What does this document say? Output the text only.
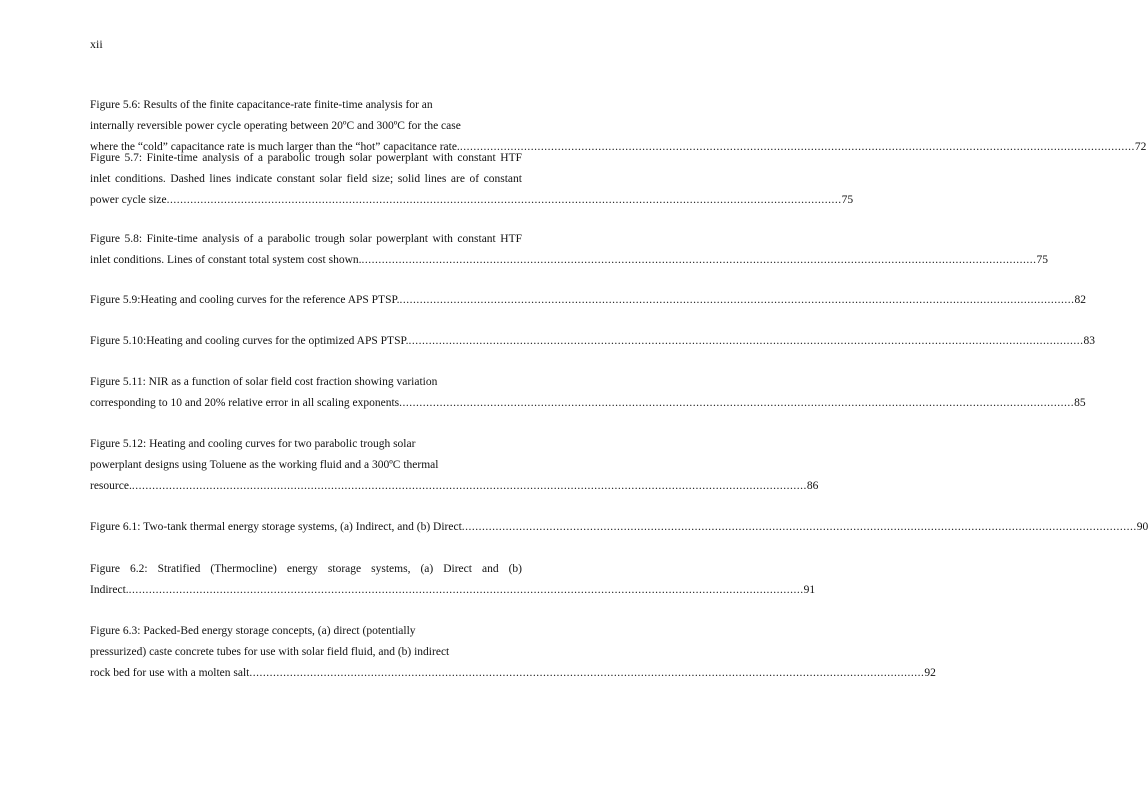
xii
Figure 5.6: Results of the finite capacitance-rate finite-time analysis for an
internally reversible power cycle operating between 20ºC and 300ºC for the case
where the “cold” capacitance rate is much larger than the “hot” capacitance rate. ........................................................................................................................................................................................................ 72
Figure 5.7: Finite-time analysis of a parabolic trough solar powerplant with constant HTF
inlet conditions. Dashed lines indicate constant solar field size; solid lines are of constant
power cycle size ........................................................................................................................................................................................................ 75
Figure 5.8: Finite-time analysis of a parabolic trough solar powerplant with constant HTF
inlet conditions. Lines of constant total system cost shown. ........................................................................................................................................................................................................ 75
Figure 5.9:Heating and cooling curves for the reference APS PTSP. ........................................................................................................................................................................................................ 82
Figure 5.10:Heating and cooling curves for the optimized APS PTSP. ........................................................................................................................................................................................................ 83
Figure 5.11: NIR as a function of solar field cost fraction showing variation
corresponding to 10 and 20% relative error in all scaling exponents ........................................................................................................................................................................................................ 85
Figure 5.12: Heating and cooling curves for two parabolic trough solar
powerplant designs using Toluene as the working fluid and a 300ºC thermal
resource. ........................................................................................................................................................................................................ 86
Figure 6.1: Two-tank thermal energy storage systems, (a) Indirect, and (b) Direct ........................................................................................................................................................................................................ 90
Figure 6.2: Stratified (Thermocline) energy storage systems, (a) Direct and (b)
Indirect. ........................................................................................................................................................................................................ 91
Figure 6.3: Packed-Bed energy storage concepts, (a) direct (potentially
pressurized) caste concrete tubes for use with solar field fluid, and (b) indirect
rock bed for use with a molten salt ........................................................................................................................................................................................................ 92
